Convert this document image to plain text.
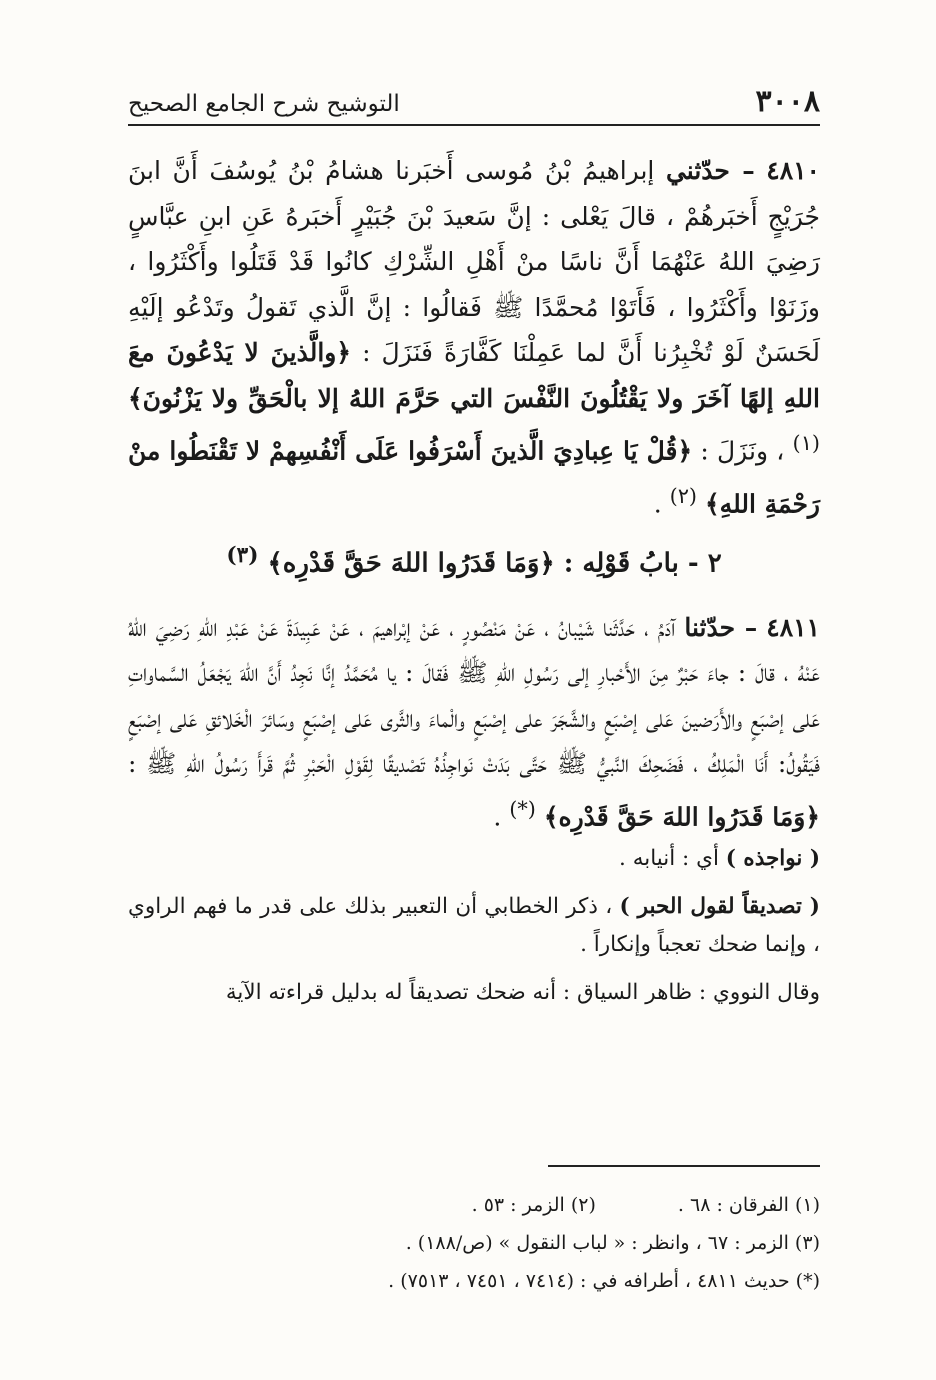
٣٠٠٨
التوشيح شرح الجامع الصحيح

٤٨١٠ – حدّثني إبراهيمُ بْنُ مُوسى أَخبَرنا هشامُ بْنُ يُوسُفَ أَنَّ ابنَ جُرَيْجٍ أَخبَرهُمْ ، قالَ يَعْلى : إنَّ سَعيدَ بْنَ جُبَيْرٍ أَخبَرهُ عَنِ ابنِ عبَّاسٍ رَضِيَ اللهُ عَنْهُمَا أَنَّ ناسًا منْ أَهْلِ الشِّرْكِ كانُوا قَدْ قَتَلُوا وأَكْثَرُوا ، وزَنَوْا وأَكْثَرُوا ، فَأَتَوْا مُحمَّدًا ﷺ فَقالُوا : إنَّ الَّذي تَقولُ وتَدْعُو إلَيْهِ لَحَسَنٌ لَوْ تُخْبِرُنا أَنَّ لما عَمِلْنَا كَفَّارَةً فَنَزَلَ : ﴿والَّذينَ لا يَدْعُونَ معَ اللهِ إلهًا آخَرَ ولا يَقْتُلُونَ النَّفْسَ التي حَرَّمَ اللهُ إلا بالْحَقِّ ولا يَزْنُونَ﴾ $^{(١)}$ ، ونَزَلَ : ﴿قُلْ يَا عِبادِيَ الَّذينَ أَسْرَفُوا عَلَى أَنْفُسِهمْ لا تَقْنَطُوا منْ رَحْمَةِ اللهِ﴾ $^{(٢)}$ .

٢ - بابُ قَوْلِه : ﴿وَمَا قَدَرُوا اللهَ حَقَّ قَدْرِه﴾ $^{(٣)}$

٤٨١١ – حدّثنا آدَمُ ، حَدَّثَنا شَيْبانُ ، عَنْ مَنْصُورٍ ، عَنْ إبْراهيمَ ، عَنْ عَبِيدَةَ عَنْ عَبْدِ اللهِ رَضِيَ اللهُ عَنْهُ ، قالَ : جاءَ حَبْرٌ مِنَ الأَحْبارِ إلى رَسُولِ اللهِ ﷺ فَقالَ : يا مُحَمَّدُ إنَّا نَجِدُ أَنَّ اللهَ يَجْعَلُ السَّماواتِ عَلى إصْبَعٍ والأَرَضينَ عَلى إصْبَعٍ والشَّجَرَ على إصْبَعٍ والْماءَ والثَّرى عَلى إصْبَعٍ وسَائرَ الْخَلائقِ عَلى إصْبَعٍ فَيَقُولُ: أَنَا الْمَلِكُ ، فَضَحِكَ النَّبيُّ ﷺ حَتَّى بَدَتْ نَواجِذُهُ تَصْديقًا لِقَوْلِ الْحَبْرِ ثُمَّ قَرأَ رَسُولُ اللهِ ﷺ : ﴿وَمَا قَدَرُوا اللهَ حَقَّ قَدْرِه﴾ (*) .

( نواجذه ) أي : أنيابه .

( تصديقاً لقول الحبر ) ، ذكر الخطابي أن التعبير بذلك على قدر ما فهم الراوي ، وإنما ضحك تعجباً وإنكاراً .

وقال النووي : ظاهر السياق : أنه ضحك تصديقاً له بدليل قراءته الآية

(١) الفرقان : ٦٨ .
(٢) الزمر : ٥٣ .

(٣) الزمر : ٦٧ ، وانظر : « لباب النقول » (ص/١٨٨) .

(*) حديث ٤٨١١ ، أطرافه في : (٧٤١٤ ، ٧٤٥١ ، ٧٥١٣) .
